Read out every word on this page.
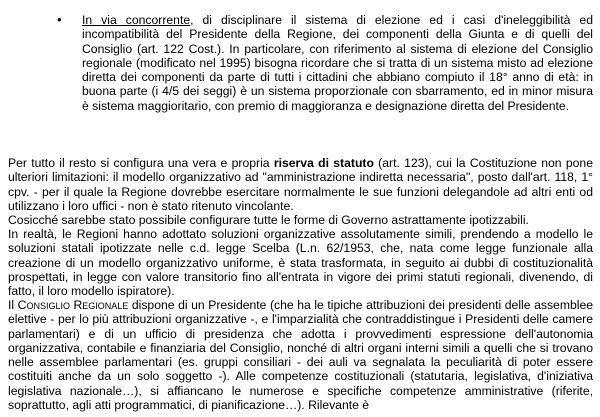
•	In via concorrente, di disciplinare il sistema di elezione ed i casi d'ineleggibilità ed incompatibilità del Presidente della Regione, dei componenti della Giunta e di quelli del Consiglio (art. 122 Cost.). In particolare, con riferimento al sistema di elezione del Consiglio regionale (modificato nel 1995) bisogna ricordare che si tratta di un sistema misto ad elezione diretta dei componenti da parte di tutti i cittadini che abbiano compiuto il 18° anno di età: in buona parte (i 4/5 dei seggi) è un sistema proporzionale con sbarramento, ed in minor misura è sistema maggioritario, con premio di maggioranza e designazione diretta del Presidente.

Per tutto il resto si configura una vera e propria riserva di statuto (art. 123), cui la Costituzione non pone ulteriori limitazioni: il modello organizzativo ad "amministrazione indiretta necessaria", posto dall'art. 118, 1° cpv. - per il quale la Regione dovrebbe esercitare normalmente le sue funzioni delegandole ad altri enti od utilizzano i loro uffici - non è stato ritenuto vincolante.

Cosicché sarebbe stato possibile configurare tutte le forme di Governo astrattamente ipotizzabili.

In realtà, le Regioni hanno adottato soluzioni organizzative assolutamente simili, prendendo a modello le soluzioni statali ipotizzate nelle c.d. legge Scelba (L.n. 62/1953, che, nata come legge funzionale alla creazione di un modello organizzativo uniforme, è stata trasformata, in seguito ai dubbi di costituzionalità prospettati, in legge con valore transitorio fino all'entrata in vigore dei primi statuti regionali, divenendo, di fatto, il loro modello ispiratore).

Il Consiglio Regionale dispone di un Presidente (che ha le tipiche attribuzioni dei presidenti delle assemblee elettive - per lo più attribuzioni organizzative -, e l'imparzialità che contraddistingue i Presidenti delle camere parlamentari) e di un ufficio di presidenza che adotta i provvedimenti espressione dell'autonomia organizzativa, contabile e finanziaria del Consiglio, nonché di altri organi interni simili a quelli che si trovano nelle assemblee parlamentari (es. gruppi consiliari - dei auli va segnalata la peculiarità di poter essere costituiti anche da un solo soggetto -). Alle competenze costituzionali (statutaria, legislativa, d'iniziativa legislativa nazionale…), si affiancano le numerose e specifiche competenze amministrative (riferite, soprattutto, agli atti programmatici, di pianificazione…). Rilevante è
